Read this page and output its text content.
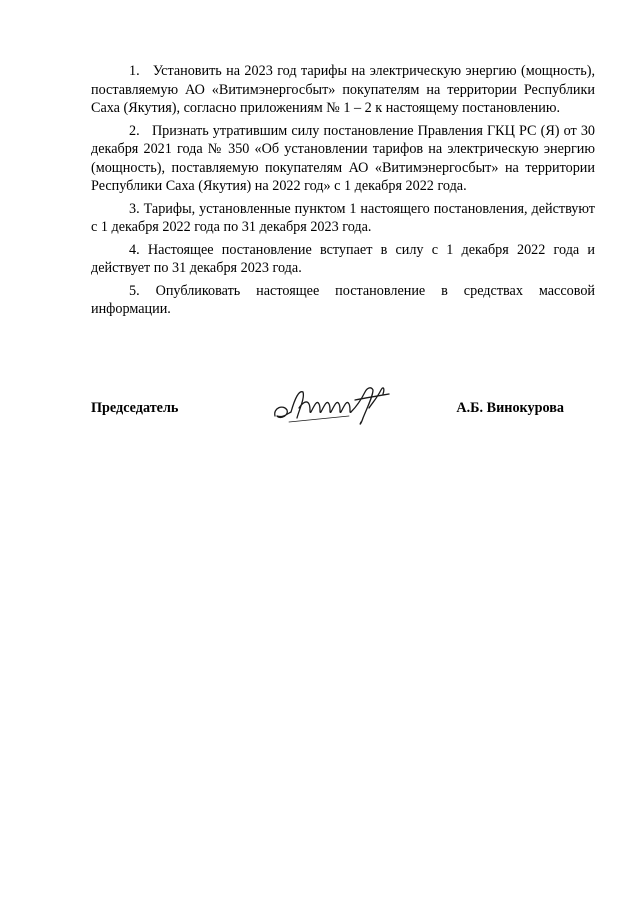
1. Установить на 2023 год тарифы на электрическую энергию (мощность), поставляемую АО «Витимэнергосбыт» покупателям на территории Республики Саха (Якутия), согласно приложениям № 1 – 2 к настоящему постановлению.

2. Признать утратившим силу постановление Правления ГКЦ РС (Я) от 30 декабря 2021 года № 350 «Об установлении тарифов на электрическую энергию (мощность), поставляемую покупателям АО «Витимэнергосбыт» на территории Республики Саха (Якутия) на 2022 год» с 1 декабря 2022 года.

3. Тарифы, установленные пунктом 1 настоящего постановления, действуют с 1 декабря 2022 года по 31 декабря 2023 года.

4. Настоящее постановление вступает в силу с 1 декабря 2022 года и действует по 31 декабря 2023 года.

5. Опубликовать настоящее постановление в средствах массовой информации.

Председатель	А.Б. Винокурова
